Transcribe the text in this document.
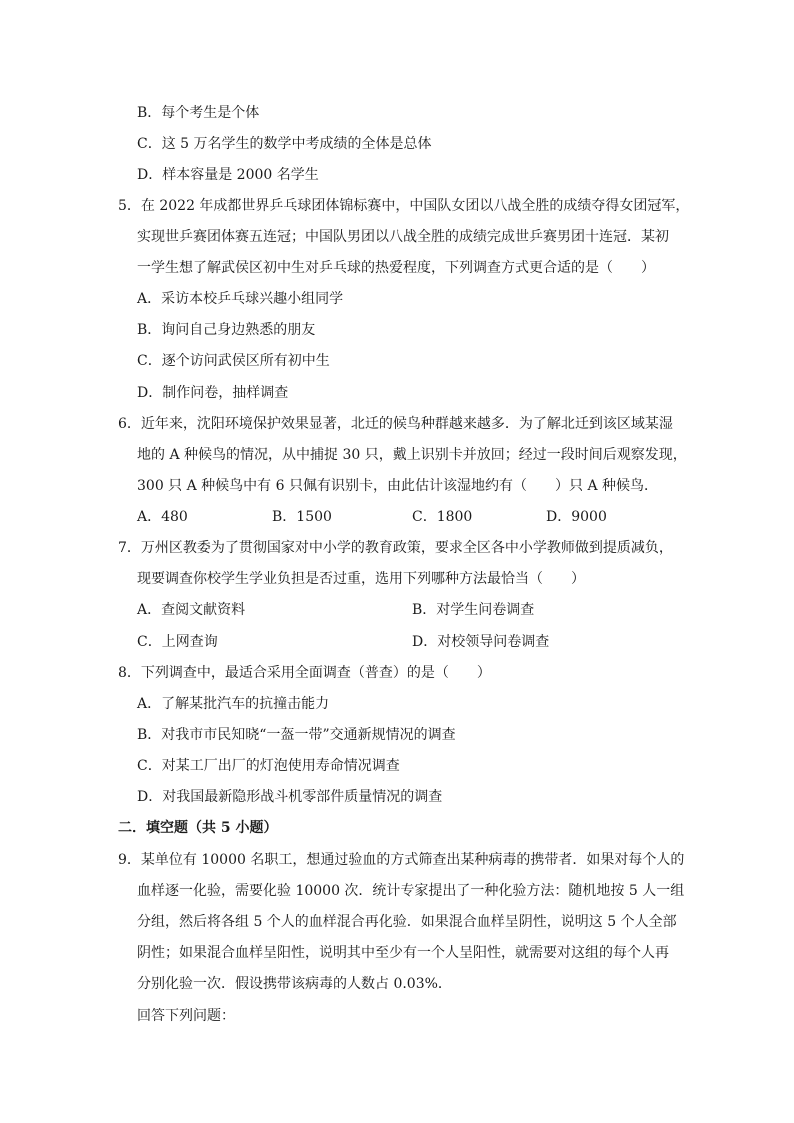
B．每个考生是个体
C．这 5 万名学生的数学中考成绩的全体是总体
D．样本容量是 2000 名学生
5．在 2022 年成都世界乒乓球团体锦标赛中，中国队女团以八战全胜的成绩夺得女团冠军，
实现世乒赛团体赛五连冠；中国队男团以八战全胜的成绩完成世乒赛男团十连冠．某初
一学生想了解武侯区初中生对乒乓球的热爱程度，下列调查方式更合适的是（　　）
A．采访本校乒乓球兴趣小组同学
B．询问自己身边熟悉的朋友
C．逐个访问武侯区所有初中生
D．制作问卷，抽样调查
6．近年来，沈阳环境保护效果显著，北迁的候鸟种群越来越多．为了解北迁到该区域某湿
地的 A 种候鸟的情况，从中捕捉 30 只，戴上识别卡并放回；经过一段时间后观察发现，
300 只 A 种候鸟中有 6 只佩有识别卡，由此估计该湿地约有（　　）只 A 种候鸟．
A．480	B．1500	C．1800	D．9000
7．万州区教委为了贯彻国家对中小学的教育政策，要求全区各中小学教师做到提质减负，
现要调查你校学生学业负担是否过重，选用下列哪种方法最恰当（　　）
A．查阅文献资料	B．对学生问卷调查
C．上网查询	D．对校领导问卷调查
8．下列调查中，最适合采用全面调查（普查）的是（　　）
A．了解某批汽车的抗撞击能力
B．对我市市民知晓“一盔一带”交通新规情况的调查
C．对某工厂出厂的灯泡使用寿命情况调查
D．对我国最新隐形战斗机零部件质量情况的调查
二．填空题（共 5 小题）
9．某单位有 10000 名职工，想通过验血的方式筛查出某种病毒的携带者．如果对每个人的
血样逐一化验，需要化验 10000 次．统计专家提出了一种化验方法：随机地按 5 人一组
分组，然后将各组 5 个人的血样混合再化验．如果混合血样呈阴性，说明这 5 个人全部
阴性；如果混合血样呈阳性，说明其中至少有一个人呈阳性，就需要对这组的每个人再
分别化验一次．假设携带该病毒的人数占 0.03%．
回答下列问题：
